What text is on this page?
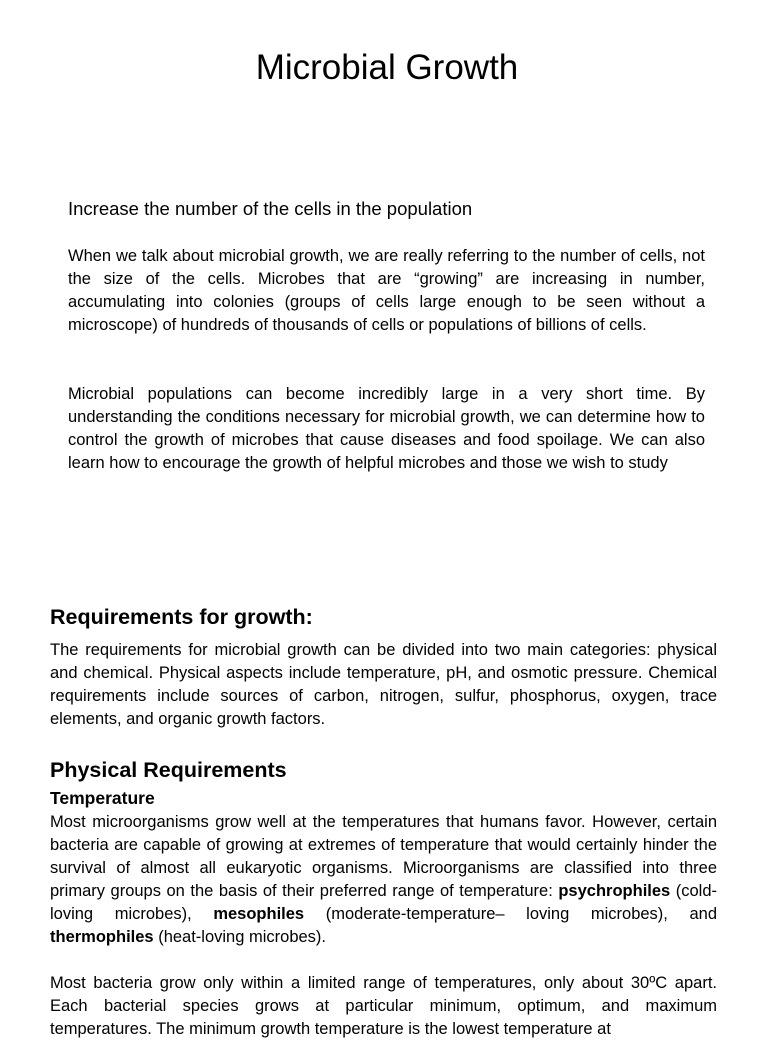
Microbial Growth
Increase the number of the cells in the population

When we talk about microbial growth, we are really referring to the number of cells, not the size of the cells. Microbes that are “growing” are increasing in number, accumulating into colonies (groups of cells large enough to be seen without a microscope) of hundreds of thousands of cells or populations of billions of cells.

Microbial populations can become incredibly large in a very short time. By understanding the conditions necessary for microbial growth, we can determine how to control the growth of microbes that cause diseases and food spoilage. We can also learn how to encourage the growth of helpful microbes and those we wish to study

Requirements for growth:

The requirements for microbial growth can be divided into two main categories: physical and chemical. Physical aspects include temperature, pH, and osmotic pressure. Chemical requirements include sources of carbon, nitrogen, sulfur, phosphorus, oxygen, trace elements, and organic growth factors.

Physical Requirements
Temperature

Most microorganisms grow well at the temperatures that humans favor. However, certain bacteria are capable of growing at extremes of temperature that would certainly hinder the survival of almost all eukaryotic organisms. Microorganisms are classified into three primary groups on the basis of their preferred range of temperature: psychrophiles (cold-loving microbes), mesophiles (moderate-temperature– loving microbes), and thermophiles (heat-loving microbes).

Most bacteria grow only within a limited range of temperatures, only about 30ºC apart. Each bacterial species grows at particular minimum, optimum, and maximum temperatures. The minimum growth temperature is the lowest temperature at
